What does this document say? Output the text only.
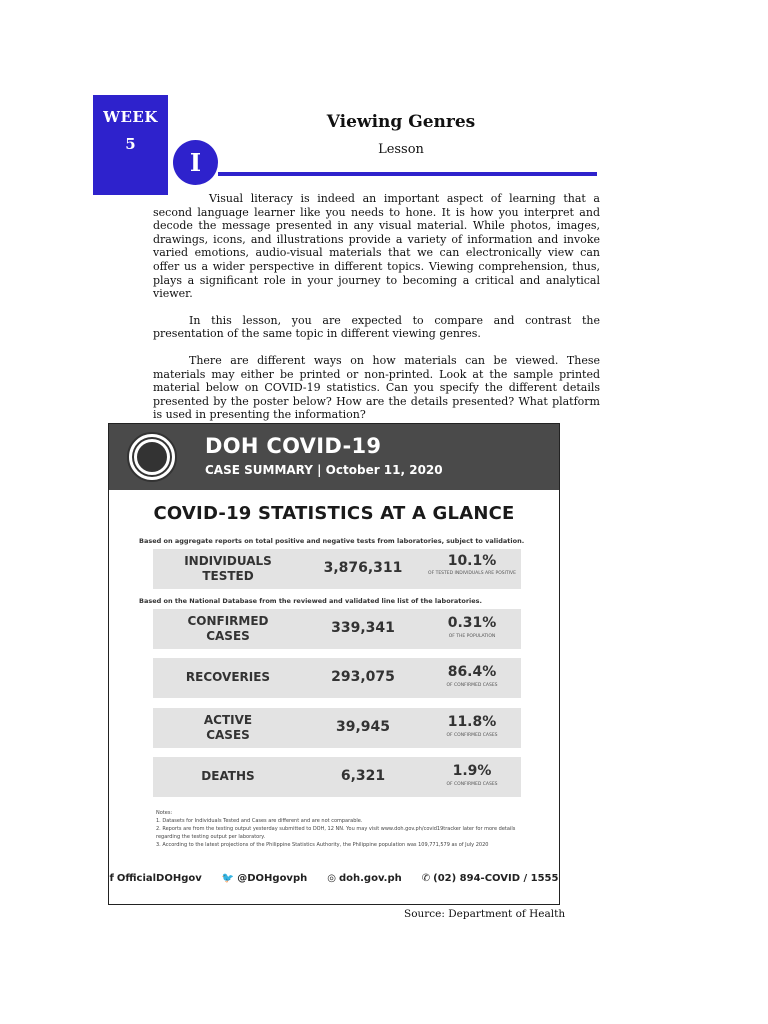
WEEK
5
I
Viewing Genres
Lesson

Visual literacy is indeed an important aspect of learning that a second language learner like you needs to hone. It is how you interpret and decode the message presented in any visual material. While photos, images, drawings, icons, and illustrations provide a variety of information and invoke varied emotions, audio-visual materials that we can electronically view can offer us a wider perspective in different topics. Viewing comprehension, thus, plays a significant role in your journey to becoming a critical and analytical viewer.

In this lesson, you are expected to compare and contrast the presentation of the same topic in different viewing genres.

There are different ways on how materials can be viewed. These materials may either be printed or non-printed. Look at the sample printed material below on COVID-19 statistics. Can you specify the different details presented by the poster below? How are the details presented? What platform is used in presenting the information?

DOH COVID-19
CASE SUMMARY | October 11, 2020
COVID-19 STATISTICS AT A GLANCE
Based on aggregate reports on total positive and negative tests from laboratories, subject to validation.
INDIVIDUALS
TESTED	3,876,311	10.1%
OF TESTED INDIVIDUALS ARE POSITIVE
Based on the National Database from the reviewed and validated line list of the laboratories.
CONFIRMED
CASES	339,341	0.31%
OF THE POPULATION
RECOVERIES	293,075	86.4%
OF CONFIRMED CASES
ACTIVE
CASES	39,945	11.8%
OF CONFIRMED CASES
DEATHS	6,321	1.9%
OF CONFIRMED CASES
Notes:
1. Datasets for Individuals Tested and Cases are different and are not comparable.
2. Reports are from the testing output yesterday submitted to DOH, 12 NN. You may visit www.doh.gov.ph/covid19tracker later for more details regarding the testing output per laboratory.
3. According to the latest projections of the Philippine Statistics Authority, the Philippine population was 109,771,579 as of July 2020
f OfficialDOHgov 🐦 @DOHgovph ◎ doh.gov.ph ✆ (02) 894-COVID / 1555
Source: Department of Health
